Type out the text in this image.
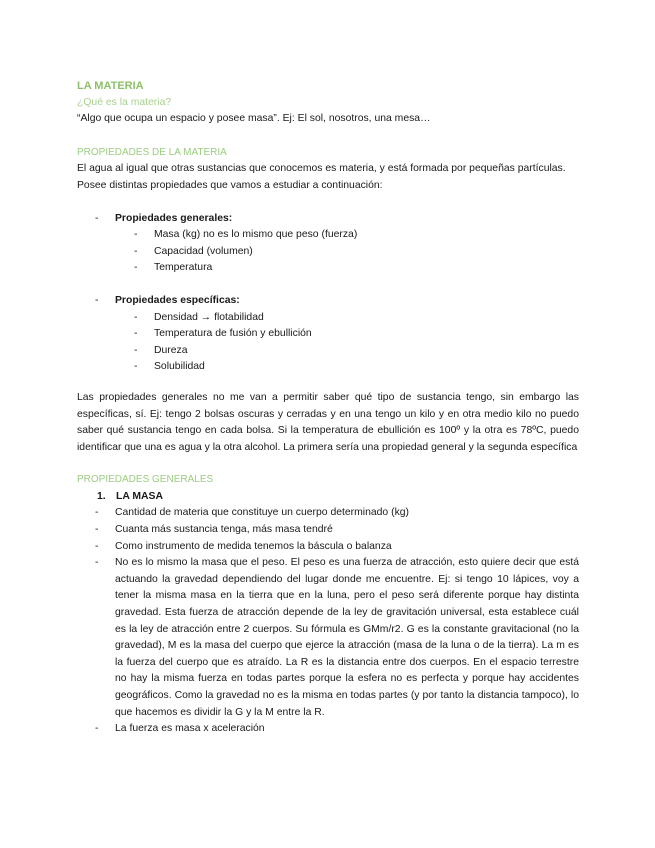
LA MATERIA

¿Qué es la materia?

“Algo que ocupa un espacio y posee masa”. Ej: El sol, nosotros, una mesa…

PROPIEDADES DE LA MATERIA

El agua al igual que otras sustancias que conocemos es materia, y está formada por pequeñas partículas.

Posee distintas propiedades que vamos a estudiar a continuación:

-	Propiedades generales:
-	Masa (kg) no es lo mismo que peso (fuerza)
-	Capacidad (volumen)
-	Temperatura
-	Propiedades específicas:
-	Densidad → flotabilidad
-	Temperatura de fusión y ebullición
-	Dureza
-	Solubilidad

Las propiedades generales no me van a permitir saber qué tipo de sustancia tengo, sin embargo las específicas, sí. Ej: tengo 2 bolsas oscuras y cerradas y en una tengo un kilo y en otra medio kilo no puedo saber qué sustancia tengo en cada bolsa. Si la temperatura de ebullición es 100º y la otra es 78ºC, puedo identificar que una es agua y la otra alcohol. La primera sería una propiedad general y la segunda específica

PROPIEDADES GENERALES

1. LA MASA
-	Cantidad de materia que constituye un cuerpo determinado (kg)
-	Cuanta más sustancia tenga, más masa tendré
-	Como instrumento de medida tenemos la báscula o balanza
-	No es lo mismo la masa que el peso. El peso es una fuerza de atracción, esto quiere decir que está actuando la gravedad dependiendo del lugar donde me encuentre. Ej: si tengo 10 lápices, voy a tener la misma masa en la tierra que en la luna, pero el peso será diferente porque hay distinta gravedad. Esta fuerza de atracción depende de la ley de gravitación universal, esta establece cuál es la ley de atracción entre 2 cuerpos. Su fórmula es GMm/r2. G es la constante gravitacional (no la gravedad), M es la masa del cuerpo que ejerce la atracción (masa de la luna o de la tierra). La m es la fuerza del cuerpo que es atraído. La R es la distancia entre dos cuerpos. En el espacio terrestre no hay la misma fuerza en todas partes porque la esfera no es perfecta y porque hay accidentes geográficos. Como la gravedad no es la misma en todas partes (y por tanto la distancia tampoco), lo que hacemos es dividir la G y la M entre la R.
-	La fuerza es masa x aceleración
